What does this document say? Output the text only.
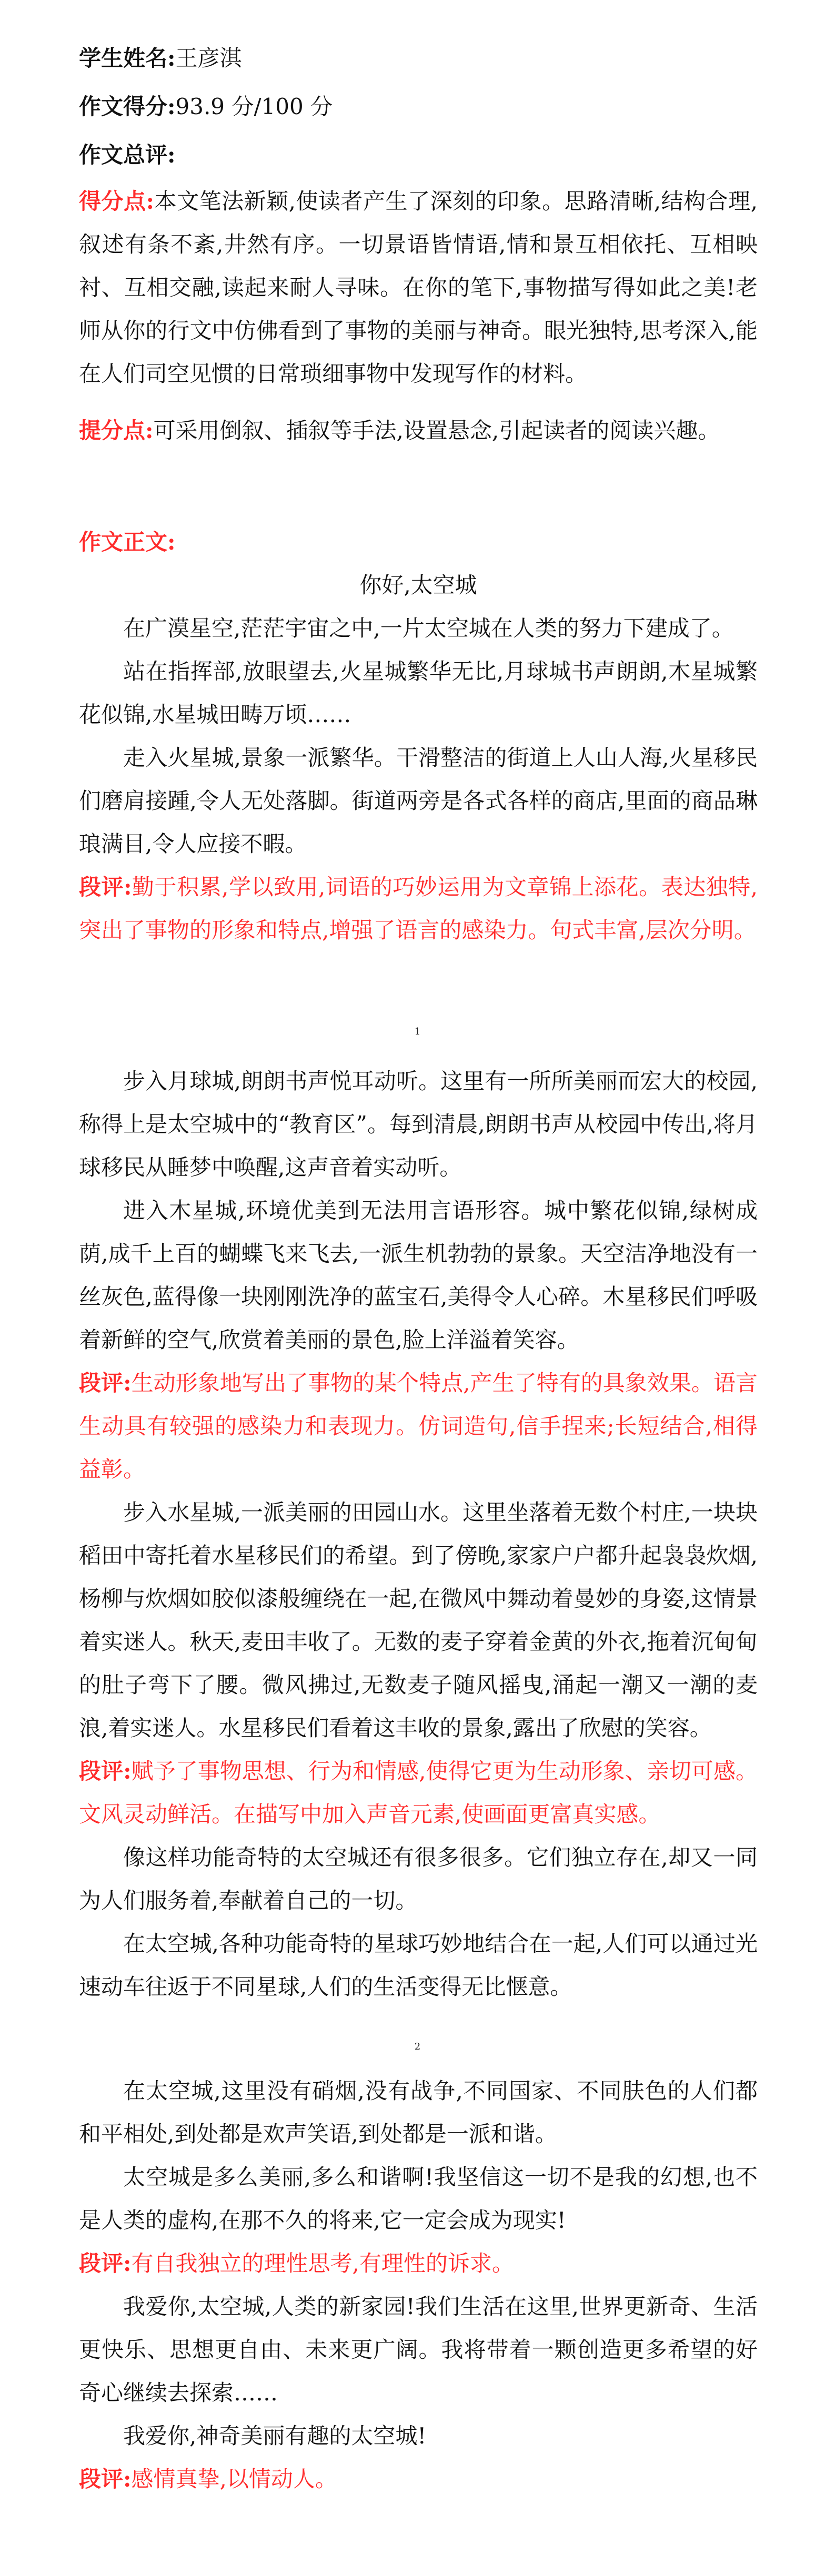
学生姓名:王彦淇

作文得分:93.9 分/100 分

作文总评:

得分点:本文笔法新颖,使读者产生了深刻的印象。思路清晰,结构合理,叙述有条不紊,井然有序。一切景语皆情语,情和景互相依托、互相映衬、互相交融,读起来耐人寻味。在你的笔下,事物描写得如此之美!老师从你的行文中仿佛看到了事物的美丽与神奇。眼光独特,思考深入,能在人们司空见惯的日常琐细事物中发现写作的材料。

提分点:可采用倒叙、插叙等手法,设置悬念,引起读者的阅读兴趣。

作文正文:

你好,太空城

在广漠星空,茫茫宇宙之中,一片太空城在人类的努力下建成了。

站在指挥部,放眼望去,火星城繁华无比,月球城书声朗朗,木星城繁花似锦,水星城田畴万顷……

走入火星城,景象一派繁华。干滑整洁的街道上人山人海,火星移民们磨肩接踵,令人无处落脚。街道两旁是各式各样的商店,里面的商品琳琅满目,令人应接不暇。

段评:勤于积累,学以致用,词语的巧妙运用为文章锦上添花。表达独特,突出了事物的形象和特点,增强了语言的感染力。句式丰富,层次分明。

1

步入月球城,朗朗书声悦耳动听。这里有一所所美丽而宏大的校园,称得上是太空城中的“教育区”。每到清晨,朗朗书声从校园中传出,将月球移民从睡梦中唤醒,这声音着实动听。

进入木星城,环境优美到无法用言语形容。城中繁花似锦,绿树成荫,成千上百的蝴蝶飞来飞去,一派生机勃勃的景象。天空洁净地没有一丝灰色,蓝得像一块刚刚洗净的蓝宝石,美得令人心碎。木星移民们呼吸着新鲜的空气,欣赏着美丽的景色,脸上洋溢着笑容。

段评:生动形象地写出了事物的某个特点,产生了特有的具象效果。语言生动具有较强的感染力和表现力。仿词造句,信手捏来;长短结合,相得益彰。

步入水星城,一派美丽的田园山水。这里坐落着无数个村庄,一块块稻田中寄托着水星移民们的希望。到了傍晚,家家户户都升起袅袅炊烟,杨柳与炊烟如胶似漆般缠绕在一起,在微风中舞动着曼妙的身姿,这情景着实迷人。秋天,麦田丰收了。无数的麦子穿着金黄的外衣,拖着沉甸甸的肚子弯下了腰。微风拂过,无数麦子随风摇曳,涌起一潮又一潮的麦浪,着实迷人。水星移民们看着这丰收的景象,露出了欣慰的笑容。

段评:赋予了事物思想、行为和情感,使得它更为生动形象、亲切可感。文风灵动鲜活。在描写中加入声音元素,使画面更富真实感。

像这样功能奇特的太空城还有很多很多。它们独立存在,却又一同为人们服务着,奉献着自己的一切。

在太空城,各种功能奇特的星球巧妙地结合在一起,人们可以通过光速动车往返于不同星球,人们的生活变得无比惬意。

2

在太空城,这里没有硝烟,没有战争,不同国家、不同肤色的人们都和平相处,到处都是欢声笑语,到处都是一派和谐。

太空城是多么美丽,多么和谐啊!我坚信这一切不是我的幻想,也不是人类的虚构,在那不久的将来,它一定会成为现实!

段评:有自我独立的理性思考,有理性的诉求。

我爱你,太空城,人类的新家园!我们生活在这里,世界更新奇、生活更快乐、思想更自由、未来更广阔。我将带着一颗创造更多希望的好奇心继续去探索……

我爱你,神奇美丽有趣的太空城!

段评:感情真挚,以情动人。
